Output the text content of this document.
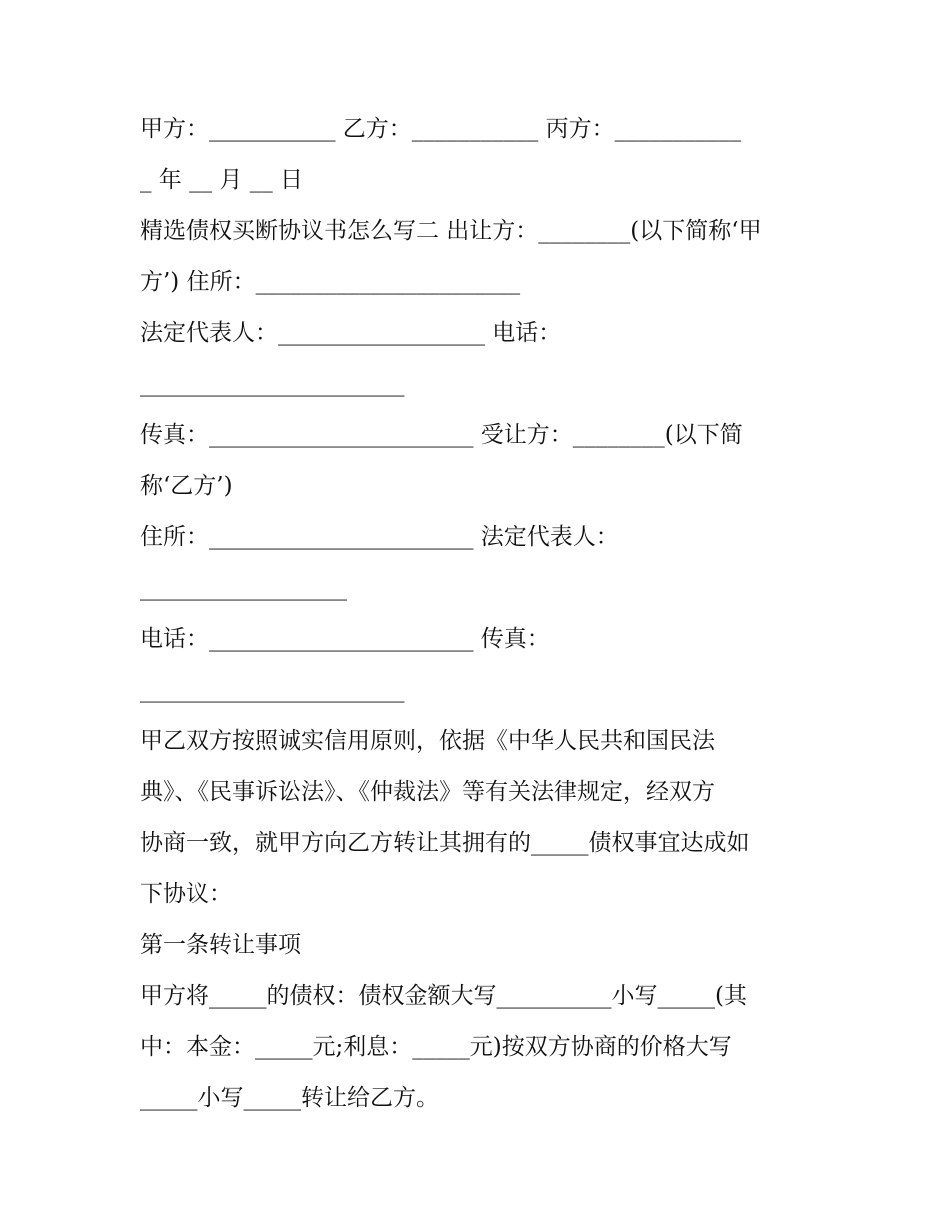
甲方：___________ 乙方：___________ 丙方：___________
_ 年 __ 月 __ 日
精选债权买断协议书怎么写二 出让方：________(以下简称‘甲
方’) 住所：_______________________
法定代表人：__________________ 电话：
_______________________
传真：_______________________ 受让方：________(以下简
称‘乙方’)
住所：_______________________ 法定代表人：
__________________
电话：_______________________ 传真：
_______________________
甲乙双方按照诚实信用原则，依据《中华人民共和国民法
典》、《民事诉讼法》、《仲裁法》等有关法律规定，经双方
协商一致，就甲方向乙方转让其拥有的_____债权事宜达成如
下协议：
第一条转让事项
甲方将_____的债权：债权金额大写__________小写_____(其
中：本金：_____元;利息：_____元)按双方协商的价格大写
_____小写_____转让给乙方。
